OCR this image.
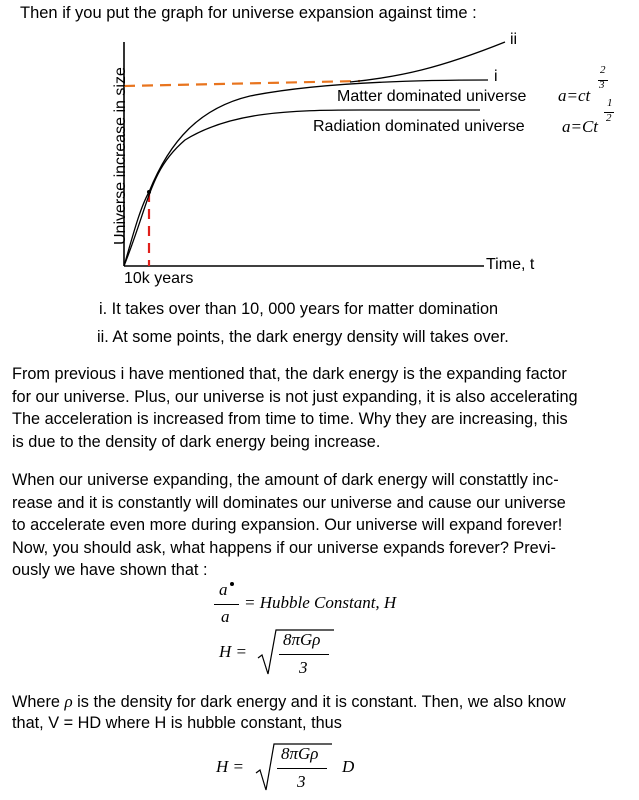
Then if you put the graph for universe expansion against time :
Universe increase in size
ii
i
Matter dominated universe a=ct
2
3
Radiation dominated universe a=Ct
1
2
Time, t
10k years
i. It takes over than 10, 000 years for matter domination
ii. At some points, the dark energy density will takes over.
From previous i have mentioned that, the dark energy is the expanding factor
for our universe. Plus, our universe is not just expanding, it is also accelerating
The acceleration is increased from time to time. Why they are increasing, this
is due to the density of dark energy being increase.
When our universe expanding, the amount of dark energy will constattly inc-
rease and it is constantly will dominates our universe and cause our universe
to accelerate even more during expansion. Our universe will expand forever!
Now, you should ask, what happens if our universe expands forever? Previ-
ously we have shown that :
a
a
= Hubble Constant, H
H =
8πGρ
3
Where ρ is the density for dark energy and it is constant. Then, we also know
that, V = HD where H is hubble constant, thus
H =
8πGρ
3
D
